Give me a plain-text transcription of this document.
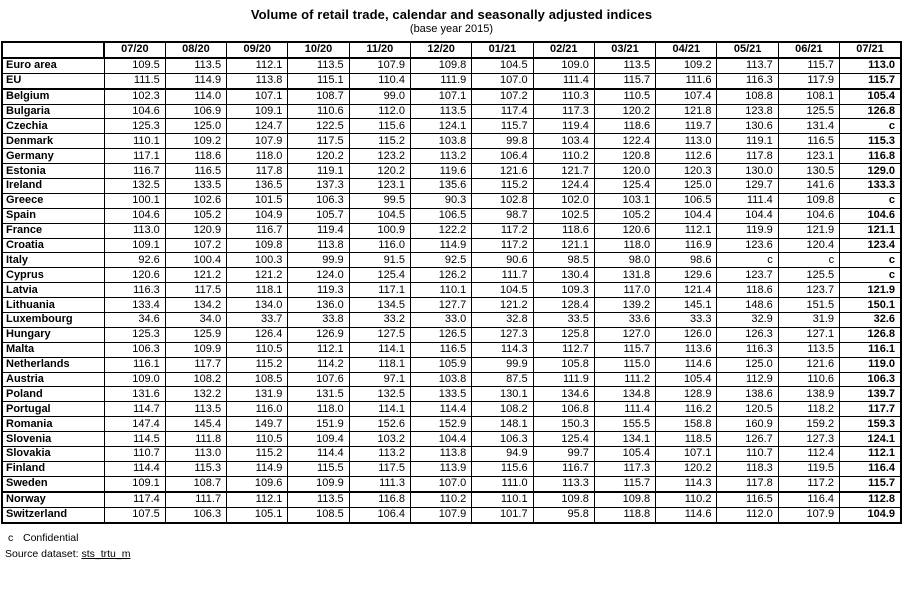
Volume of retail trade, calendar and seasonally adjusted indices
(base year 2015)
	07/20	08/20	09/20	10/20	11/20	12/20	01/21	02/21	03/21	04/21	05/21	06/21	07/21
Euro area	109.5	113.5	112.1	113.5	107.9	109.8	104.5	109.0	113.5	109.2	113.7	115.7	113.0
EU	111.5	114.9	113.8	115.1	110.4	111.9	107.0	111.4	115.7	111.6	116.3	117.9	115.7
Belgium	102.3	114.0	107.1	108.7	99.0	107.1	107.2	110.3	110.5	107.4	108.8	108.1	105.4
Bulgaria	104.6	106.9	109.1	110.6	112.0	113.5	117.4	117.3	120.2	121.8	123.8	125.5	126.8
Czechia	125.3	125.0	124.7	122.5	115.6	124.1	115.7	119.4	118.6	119.7	130.6	131.4	c
Denmark	110.1	109.2	107.9	117.5	115.2	103.8	99.8	103.4	122.4	113.0	119.1	116.5	115.3
Germany	117.1	118.6	118.0	120.2	123.2	113.2	106.4	110.2	120.8	112.6	117.8	123.1	116.8
Estonia	116.7	116.5	117.8	119.1	120.2	119.6	121.6	121.7	120.0	120.3	130.0	130.5	129.0
Ireland	132.5	133.5	136.5	137.3	123.1	135.6	115.2	124.4	125.4	125.0	129.7	141.6	133.3
Greece	100.1	102.6	101.5	106.3	99.5	90.3	102.8	102.0	103.1	106.5	111.4	109.8	c
Spain	104.6	105.2	104.9	105.7	104.5	106.5	98.7	102.5	105.2	104.4	104.4	104.6	104.6
France	113.0	120.9	116.7	119.4	100.9	122.2	117.2	118.6	120.6	112.1	119.9	121.9	121.1
Croatia	109.1	107.2	109.8	113.8	116.0	114.9	117.2	121.1	118.0	116.9	123.6	120.4	123.4
Italy	92.6	100.4	100.3	99.9	91.5	92.5	90.6	98.5	98.0	98.6	c	c	c
Cyprus	120.6	121.2	121.2	124.0	125.4	126.2	111.7	130.4	131.8	129.6	123.7	125.5	c
Latvia	116.3	117.5	118.1	119.3	117.1	110.1	104.5	109.3	117.0	121.4	118.6	123.7	121.9
Lithuania	133.4	134.2	134.0	136.0	134.5	127.7	121.2	128.4	139.2	145.1	148.6	151.5	150.1
Luxembourg	34.6	34.0	33.7	33.8	33.2	33.0	32.8	33.5	33.6	33.3	32.9	31.9	32.6
Hungary	125.3	125.9	126.4	126.9	127.5	126.5	127.3	125.8	127.0	126.0	126.3	127.1	126.8
Malta	106.3	109.9	110.5	112.1	114.1	116.5	114.3	112.7	115.7	113.6	116.3	113.5	116.1
Netherlands	116.1	117.7	115.2	114.2	118.1	105.9	99.9	105.8	115.0	114.6	125.0	121.6	119.0
Austria	109.0	108.2	108.5	107.6	97.1	103.8	87.5	111.9	111.2	105.4	112.9	110.6	106.3
Poland	131.6	132.2	131.9	131.5	132.5	133.5	130.1	134.6	134.8	128.9	138.6	138.9	139.7
Portugal	114.7	113.5	116.0	118.0	114.1	114.4	108.2	106.8	111.4	116.2	120.5	118.2	117.7
Romania	147.4	145.4	149.7	151.9	152.6	152.9	148.1	150.3	155.5	158.8	160.9	159.2	159.3
Slovenia	114.5	111.8	110.5	109.4	103.2	104.4	106.3	125.4	134.1	118.5	126.7	127.3	124.1
Slovakia	110.7	113.0	115.2	114.4	113.2	113.8	94.9	99.7	105.4	107.1	110.7	112.4	112.1
Finland	114.4	115.3	114.9	115.5	117.5	113.9	115.6	116.7	117.3	120.2	118.3	119.5	116.4
Sweden	109.1	108.7	109.6	109.9	111.3	107.0	111.0	113.3	115.7	114.3	117.8	117.2	115.7
Norway	117.4	111.7	112.1	113.5	116.8	110.2	110.1	109.8	109.8	110.2	116.5	116.4	112.8
Switzerland	107.5	106.3	105.1	108.5	106.4	107.9	101.7	95.8	118.8	114.6	112.0	107.9	104.9
c Confidential
Source dataset: sts_trtu_m
